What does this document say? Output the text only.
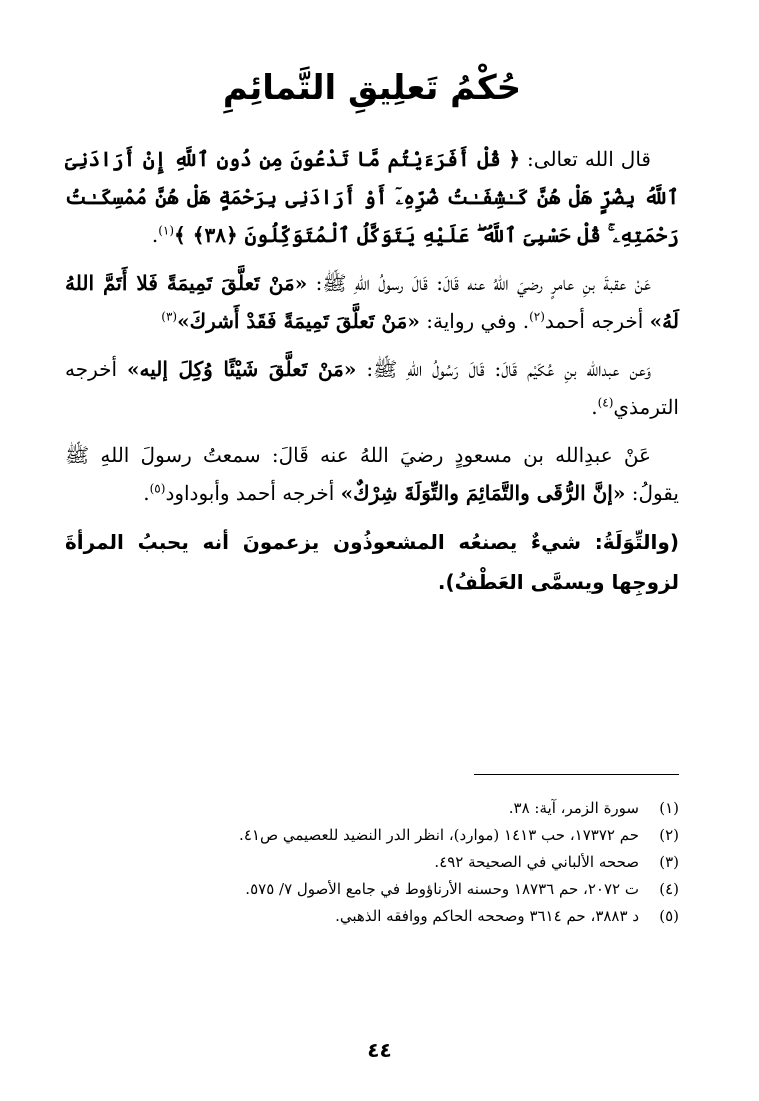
حُكْمُ تَعلِيقِ التَّمائِمِ

قال الله تعالى: ﴿ قُلْ أَفَرَءَيْتُم مَّا تَدْعُونَ مِن دُونِ ٱللَّهِ إِنْ أَرَادَنِىَ ٱللَّهُ بِضُرٍّ هَلْ هُنَّ كَـٰشِفَـٰتُ ضُرِّهِۦٓ أَوْ أَرَادَنِى بِرَحْمَةٍ هَلْ هُنَّ مُمْسِكَـٰتُ رَحْمَتِهِۦ ۚ قُلْ حَسْبِىَ ٱللَّهُ ۖ عَلَيْهِ يَتَوَكَّلُ ٱلْمُتَوَكِّلُونَ ﴿٣٨﴾ ﴾$^{(١)}$.

عَنْ عقبةَ بنِ عامرٍ رضيَ اللهُ عنه قَالَ: قَالَ رسولُ اللهِ ﷺ: «مَنْ تَعلَّقَ تَمِيمَةً فَلا أَتَمَّ اللهُ لَهُ» أخرجه أحمد$^{(٢)}$. وفي رواية: «مَنْ تَعلَّقَ تَمِيمَةً فَقَدْ أَشركَ»$^{(٣)}$

وَعن عبدالله بنِ عُكَيْم قَالَ: قَالَ رَسُولُ اللهِ ﷺ: «مَنْ تَعلَّقَ شَيْئًا وُكِلَ إليه» أخرجه الترمذي$^{(٤)}$.

عَنْ عبدِالله بن مسعودٍ رضيَ اللهُ عنه قَالَ: سمعتُ رسولَ اللهِ ﷺ يقولُ: «إنَّ الرُّقَى والتَّمَائِمَ والتِّوَلَةَ شِرْكٌ» أخرجه أحمد وأبوداود$^{(٥)}$.

(والتِّوَلَةُ: شيءٌ يصنعُه المشعوذُون يزعمونَ أنه يحببُ المرأةَ لزوجِها ويسمَّى العَطْفُ).

(١)
سورة الزمر، آية: ٣٨.
(٢)
حم ١٧٣٧٢، حب ١٤١٣ (موارد)، انظر الدر النضيد للعصيمي ص٤١.
(٣)
صححه الألباني في الصحيحة ٤٩٢.
(٤)
ت ٢٠٧٢، حم ١٨٧٣٦ وحسنه الأرناؤوط في جامع الأصول ٧/ ٥٧٥.
(٥)
د ٣٨٨٣، حم ٣٦١٤ وصححه الحاكم ووافقه الذهبي.
٤٤
